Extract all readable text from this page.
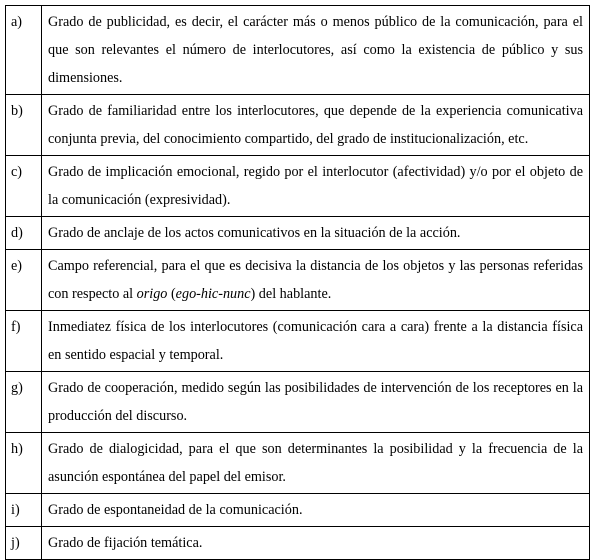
a)	Grado de publicidad, es decir, el carácter más o menos público de la comunicación, para el que son relevantes el número de interlocutores, así como la existencia de público y sus dimensiones.
b)	Grado de familiaridad entre los interlocutores, que depende de la experiencia comunicativa conjunta previa, del conocimiento compartido, del grado de institucionalización, etc.
c)	Grado de implicación emocional, regido por el interlocutor (afectividad) y/o por el objeto de la comunicación (expresividad).
d)	Grado de anclaje de los actos comunicativos en la situación de la acción.
e)	Campo referencial, para el que es decisiva la distancia de los objetos y las personas referidas con respecto al origo (ego-hic-nunc) del hablante.
f)	Inmediatez física de los interlocutores (comunicación cara a cara) frente a la distancia física en sentido espacial y temporal.
g)	Grado de cooperación, medido según las posibilidades de intervención de los receptores en la producción del discurso.
h)	Grado de dialogicidad, para el que son determinantes la posibilidad y la frecuencia de la asunción espontánea del papel del emisor.
i)	Grado de espontaneidad de la comunicación.
j)	Grado de fijación temática.
